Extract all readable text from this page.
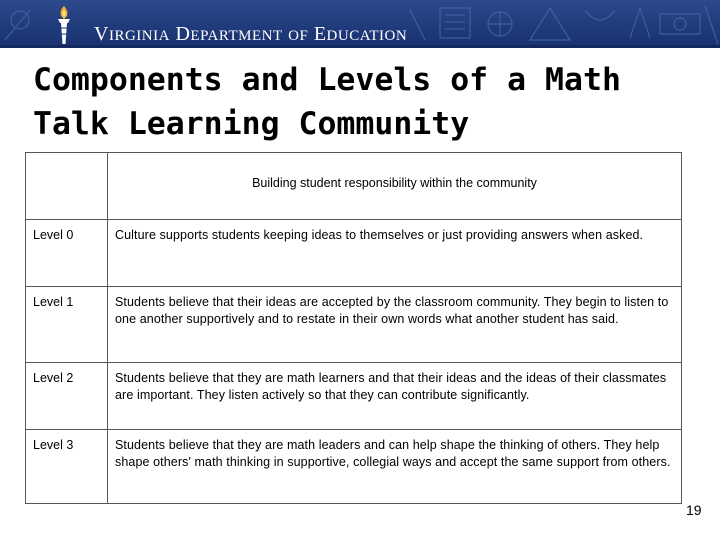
VIRGINIA DEPARTMENT OF EDUCATION
Components and Levels of a Math Talk Learning Community
	Building student responsibility within the community
Level 0	Culture supports students keeping ideas to themselves or just providing answers when asked.
Level 1	Students believe that their ideas are accepted by the classroom community. They begin to listen to one another supportively and to restate in their own words what another student has said.
Level 2	Students believe that they are math learners and that their ideas and the ideas of their classmates are important. They listen actively so that they can contribute significantly.
Level 3	Students believe that they are math leaders and can help shape the thinking of others. They help shape others' math thinking in supportive, collegial ways and accept the same support from others.
19
